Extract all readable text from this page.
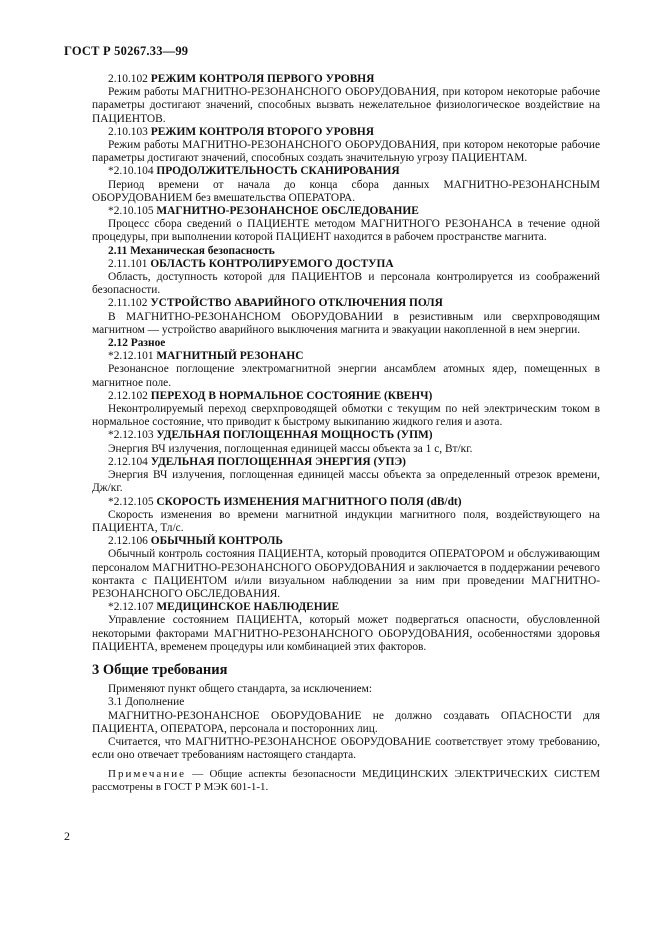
ГОСТ Р 50267.33—99

2.10.102 РЕЖИМ КОНТРОЛЯ ПЕРВОГО УРОВНЯ

Режим работы МАГНИТНО-РЕЗОНАНСНОГО ОБОРУДОВАНИЯ, при котором некоторые рабочие параметры достигают значений, способных вызвать нежелательное физиологическое воздействие на ПАЦИЕНТОВ.

2.10.103 РЕЖИМ КОНТРОЛЯ ВТОРОГО УРОВНЯ

Режим работы МАГНИТНО-РЕЗОНАНСНОГО ОБОРУДОВАНИЯ, при котором некоторые рабочие параметры достигают значений, способных создать значительную угрозу ПАЦИЕНТАМ.

*2.10.104 ПРОДОЛЖИТЕЛЬНОСТЬ СКАНИРОВАНИЯ

Период времени от начала до конца сбора данных МАГНИТНО-РЕЗОНАНСНЫМ ОБОРУДОВАНИЕМ без вмешательства ОПЕРАТОРА.

*2.10.105 МАГНИТНО-РЕЗОНАНСНОЕ ОБСЛЕДОВАНИЕ

Процесс сбора сведений о ПАЦИЕНТЕ методом МАГНИТНОГО РЕЗОНАНСА в течение одной процедуры, при выполнении которой ПАЦИЕНТ находится в рабочем пространстве магнита.

2.11 Механическая безопасность

2.11.101 ОБЛАСТЬ КОНТРОЛИРУЕМОГО ДОСТУПА

Область, доступность которой для ПАЦИЕНТОВ и персонала контролируется из соображений безопасности.

2.11.102 УСТРОЙСТВО АВАРИЙНОГО ОТКЛЮЧЕНИЯ ПОЛЯ

В МАГНИТНО-РЕЗОНАНСНОМ ОБОРУДОВАНИИ в резистивным или сверхпроводящим магнитном — устройство аварийного выключения магнита и эвакуации накопленной в нем энергии.

2.12 Разное

*2.12.101 МАГНИТНЫЙ РЕЗОНАНС

Резонансное поглощение электромагнитной энергии ансамблем атомных ядер, помещенных в магнитное поле.

2.12.102 ПЕРЕХОД В НОРМАЛЬНОЕ СОСТОЯНИЕ (КВЕНЧ)

Неконтролируемый переход сверхпроводящей обмотки с текущим по ней электрическим током в нормальное состояние, что приводит к быстрому выкипанию жидкого гелия и азота.

*2.12.103 УДЕЛЬНАЯ ПОГЛОЩЕННАЯ МОЩНОСТЬ (УПМ)

Энергия ВЧ излучения, поглощенная единицей массы объекта за 1 с, Вт/кг.

2.12.104 УДЕЛЬНАЯ ПОГЛОЩЕННАЯ ЭНЕРГИЯ (УПЭ)

Энергия ВЧ излучения, поглощенная единицей массы объекта за определенный отрезок времени, Дж/кг.

*2.12.105 СКОРОСТЬ ИЗМЕНЕНИЯ МАГНИТНОГО ПОЛЯ (dB/dt)

Скорость изменения во времени магнитной индукции магнитного поля, воздействующего на ПАЦИЕНТА, Тл/с.

2.12.106 ОБЫЧНЫЙ КОНТРОЛЬ

Обычный контроль состояния ПАЦИЕНТА, который проводится ОПЕРАТОРОМ и обслуживающим персоналом МАГНИТНО-РЕЗОНАНСНОГО ОБОРУДОВАНИЯ и заключается в поддержании речевого контакта с ПАЦИЕНТОМ и/или визуальном наблюдении за ним при проведении МАГНИТНО-РЕЗОНАНСНОГО ОБСЛЕДОВАНИЯ.

*2.12.107 МЕДИЦИНСКОЕ НАБЛЮДЕНИЕ

Управление состоянием ПАЦИЕНТА, который может подвергаться опасности, обусловленной некоторыми факторами МАГНИТНО-РЕЗОНАНСНОГО ОБОРУДОВАНИЯ, особенностями здоровья ПАЦИЕНТА, временем процедуры или комбинацией этих факторов.

3 Общие требования

Применяют пункт общего стандарта, за исключением:

3.1 Дополнение

МАГНИТНО-РЕЗОНАНСНОЕ ОБОРУДОВАНИЕ не должно создавать ОПАСНОСТИ для ПАЦИЕНТА, ОПЕРАТОРА, персонала и посторонних лиц.

Считается, что МАГНИТНО-РЕЗОНАНСНОЕ ОБОРУДОВАНИЕ соответствует этому требованию, если оно отвечает требованиям настоящего стандарта.

Примечание — Общие аспекты безопасности МЕДИЦИНСКИХ ЭЛЕКТРИЧЕСКИХ СИСТЕМ рассмотрены в ГОСТ Р МЭК 601-1-1.

2
